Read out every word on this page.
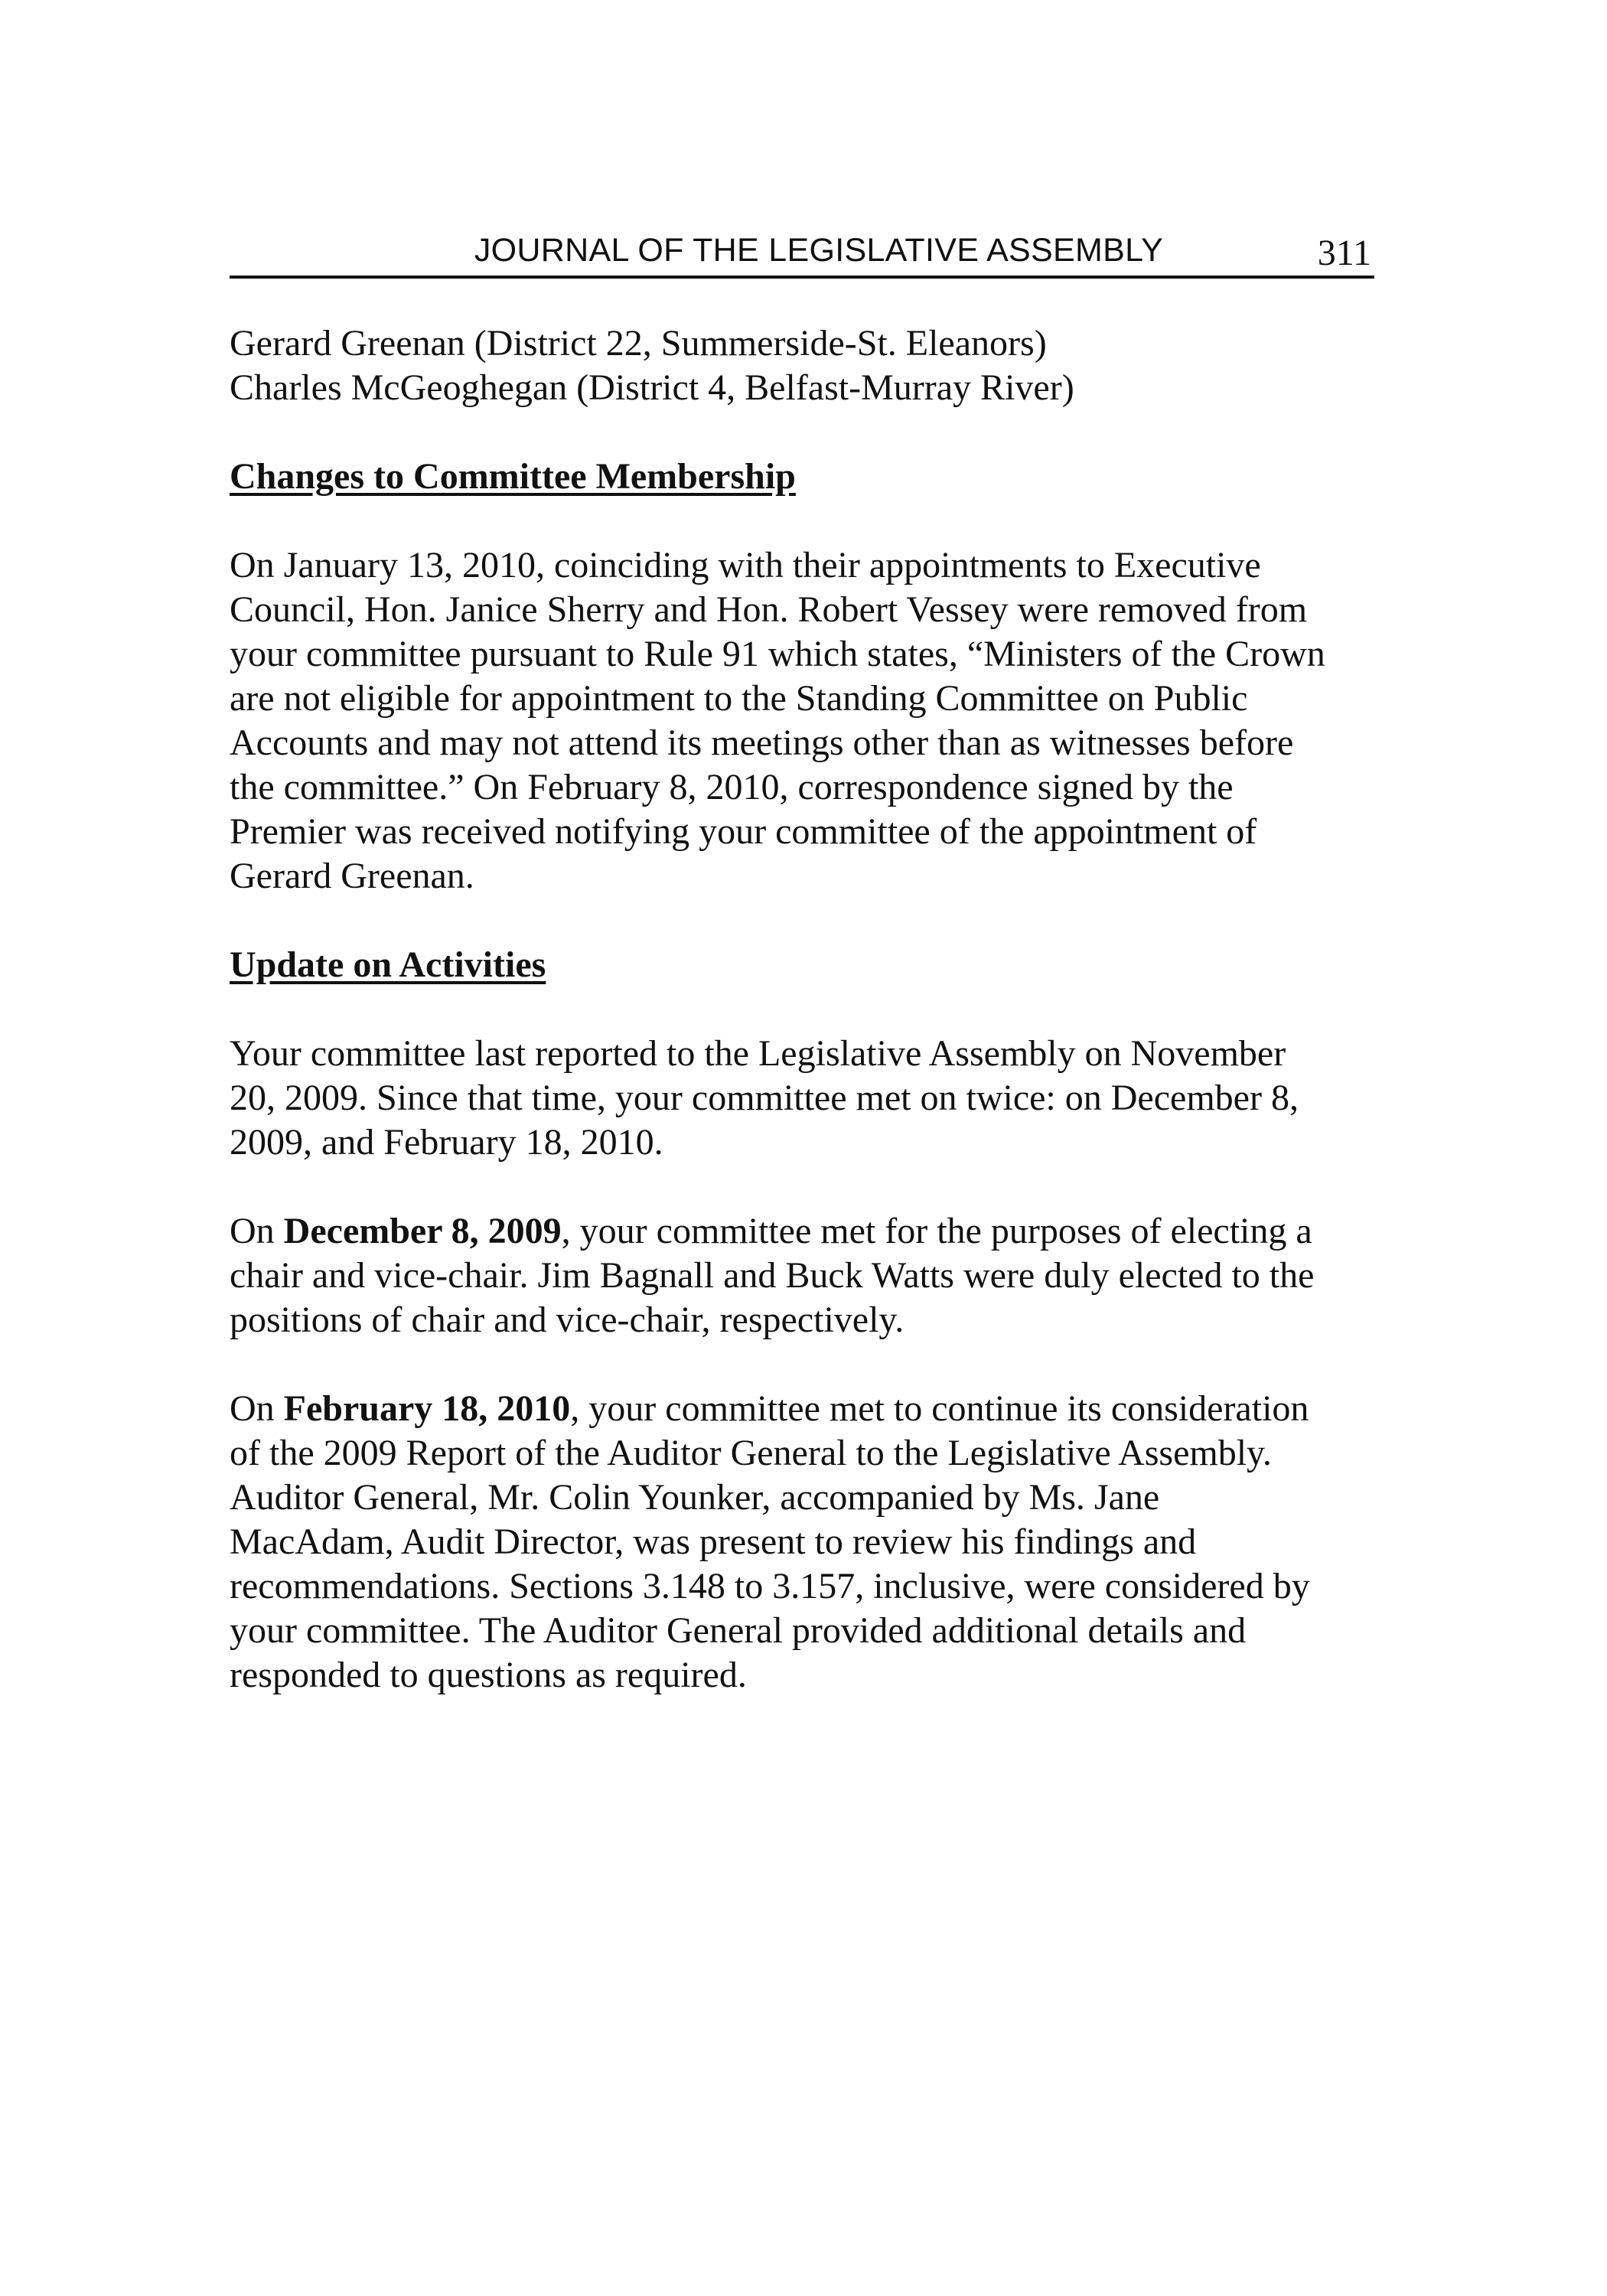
JOURNAL OF THE LEGISLATIVE ASSEMBLY	311
Gerard Greenan (District 22, Summerside-St. Eleanors)
Charles McGeoghegan (District 4, Belfast-Murray River)
Changes to Committee Membership
On January 13, 2010, coinciding with their appointments to Executive
Council, Hon. Janice Sherry and Hon. Robert Vessey were removed from
your committee pursuant to Rule 91 which states, “Ministers of the Crown
are not eligible for appointment to the Standing Committee on Public
Accounts and may not attend its meetings other than as witnesses before
the committee.” On February 8, 2010, correspondence signed by the
Premier was received notifying your committee of the appointment of
Gerard Greenan.
Update on Activities
Your committee last reported to the Legislative Assembly on November
20, 2009. Since that time, your committee met on twice: on December 8,
2009, and February 18, 2010.
On December 8, 2009, your committee met for the purposes of electing a
chair and vice-chair. Jim Bagnall and Buck Watts were duly elected to the
positions of chair and vice-chair, respectively.
On February 18, 2010, your committee met to continue its consideration
of the 2009 Report of the Auditor General to the Legislative Assembly.
Auditor General, Mr. Colin Younker, accompanied by Ms. Jane
MacAdam, Audit Director, was present to review his findings and
recommendations. Sections 3.148 to 3.157, inclusive, were considered by
your committee. The Auditor General provided additional details and
responded to questions as required.
